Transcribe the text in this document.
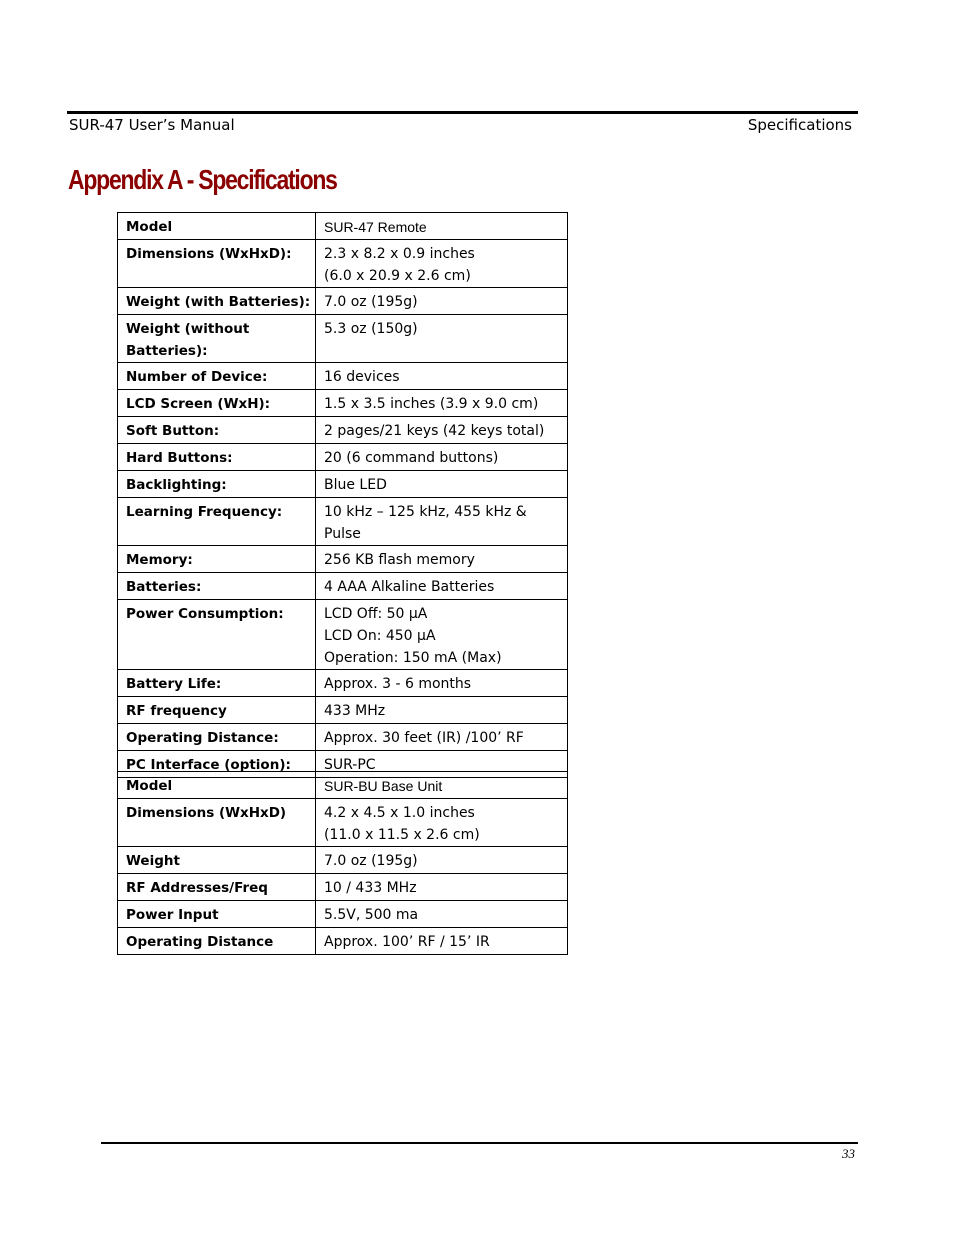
SUR-47 User’s Manual	Specifications
Appendix A - Specifications
Model	SUR-47 Remote

Dimensions (WxHxD):	2.3 x 8.2 x 0.9 inches
(6.0 x 20.9 x 2.6 cm)

Weight (with Batteries):	7.0 oz (195g)

Weight (without Batteries):	5.3 oz (150g)

Number of Device:	16 devices

LCD Screen (WxH):	1.5 x 3.5 inches (3.9 x 9.0 cm)

Soft Button:	2 pages/21 keys (42 keys total)

Hard Buttons:	20 (6 command buttons)

Backlighting:	Blue LED

Learning Frequency:	10 kHz – 125 kHz, 455 kHz & Pulse

Memory:	256 KB flash memory

Batteries:	4 AAA Alkaline Batteries

Power Consumption:	LCD Off: 50 µA
LCD On: 450 µA
Operation: 150 mA (Max)

Battery Life:	Approx. 3 - 6 months

RF frequency	433 MHz

Operating Distance:	Approx. 30 feet (IR) /100’ RF

PC Interface (option):	SUR-PC
Model	SUR-BU Base Unit

Dimensions (WxHxD)	4.2 x 4.5 x 1.0 inches
(11.0 x 11.5 x 2.6 cm)

Weight	7.0 oz (195g)

RF Addresses/Freq	10 / 433 MHz

Power Input	5.5V, 500 ma

Operating Distance	Approx. 100’ RF / 15’ IR
33
